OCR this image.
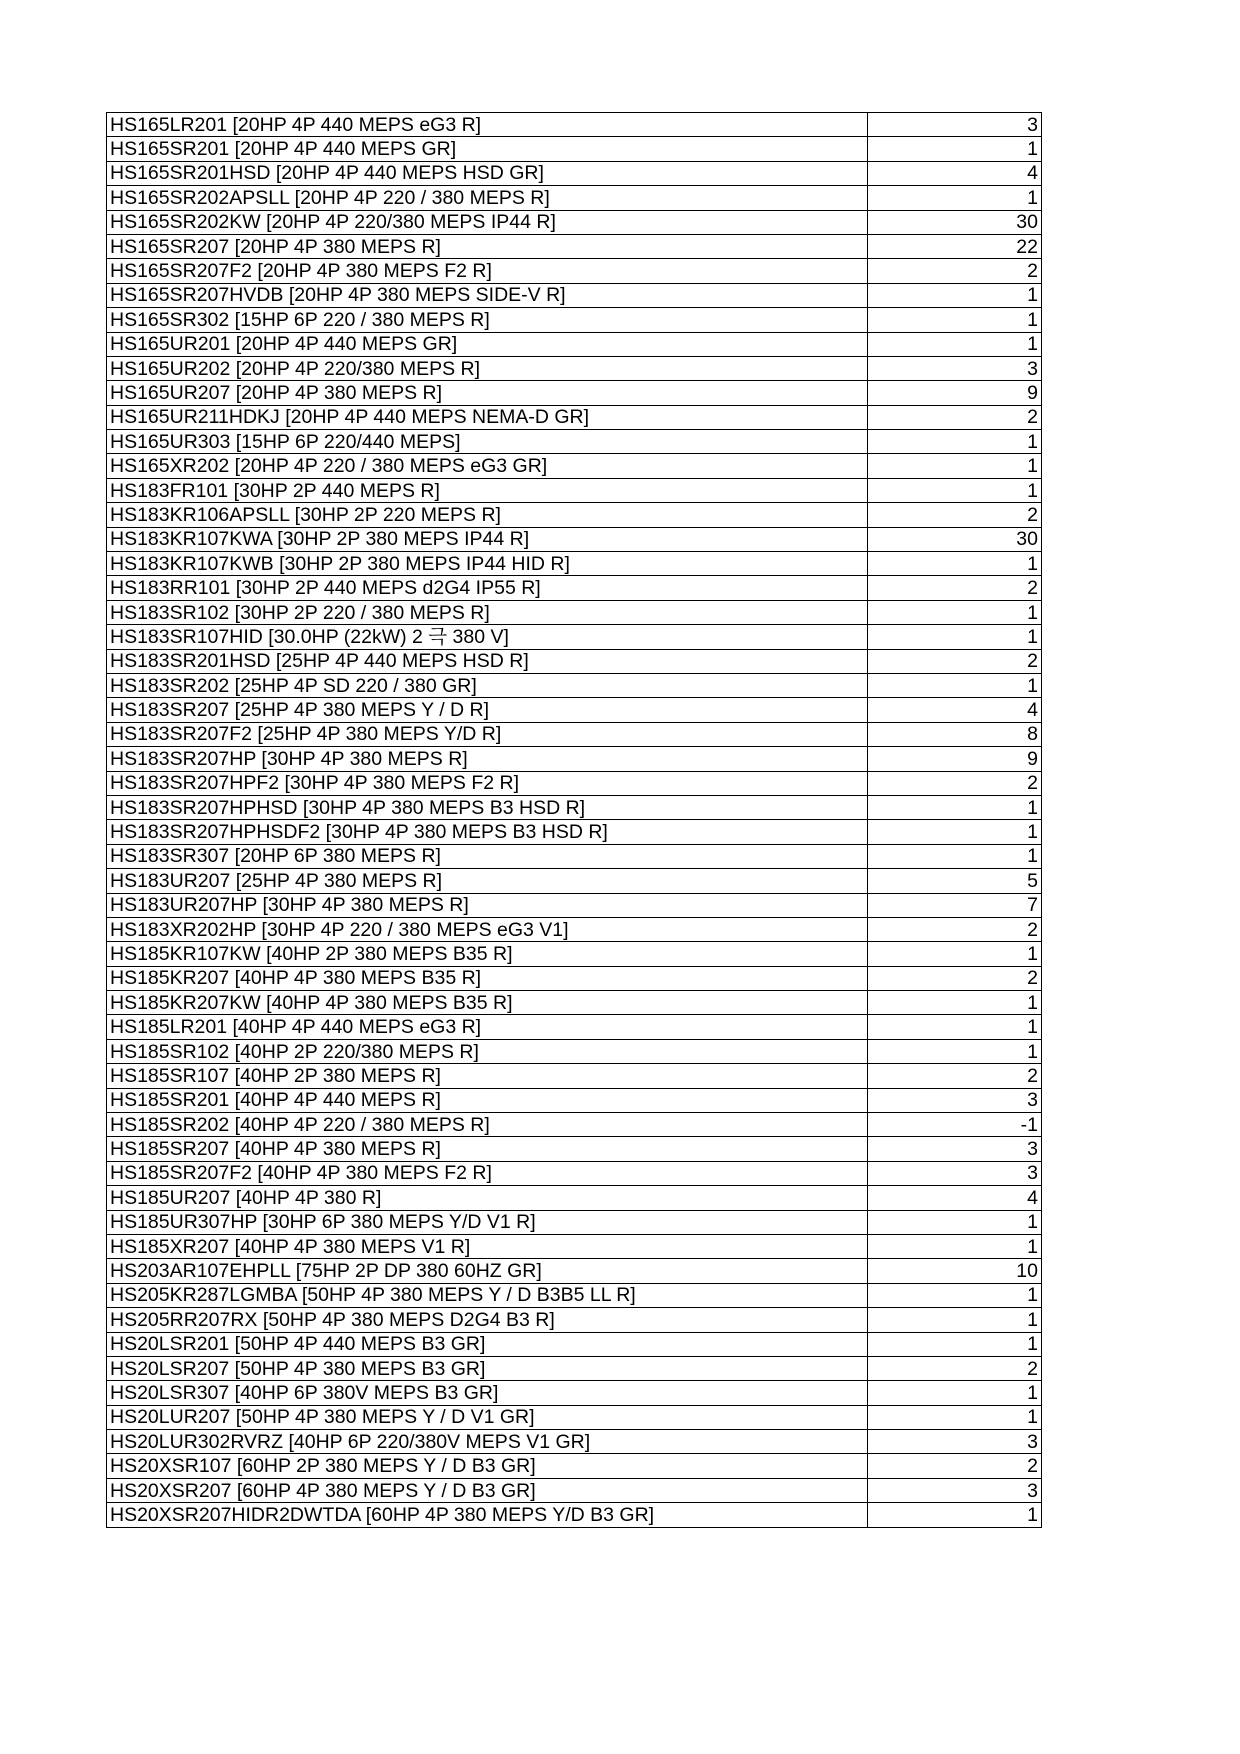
HS165LR201 [20HP 4P 440 MEPS eG3 R]	3
HS165SR201 [20HP 4P 440 MEPS GR]	1
HS165SR201HSD [20HP 4P 440 MEPS HSD GR]	4
HS165SR202APSLL [20HP 4P 220 / 380 MEPS R]	1
HS165SR202KW [20HP 4P 220/380 MEPS IP44 R]	30
HS165SR207 [20HP 4P 380 MEPS R]	22
HS165SR207F2 [20HP 4P 380 MEPS F2 R]	2
HS165SR207HVDB [20HP 4P 380 MEPS SIDE-V R]	1
HS165SR302 [15HP 6P 220 / 380 MEPS R]	1
HS165UR201 [20HP 4P 440 MEPS GR]	1
HS165UR202 [20HP 4P 220/380 MEPS R]	3
HS165UR207 [20HP 4P 380 MEPS R]	9
HS165UR211HDKJ [20HP 4P 440 MEPS NEMA-D GR]	2
HS165UR303 [15HP 6P 220/440 MEPS]	1
HS165XR202 [20HP 4P 220 / 380 MEPS eG3 GR]	1
HS183FR101 [30HP 2P 440 MEPS R]	1
HS183KR106APSLL [30HP 2P 220 MEPS R]	2
HS183KR107KWA [30HP 2P 380 MEPS IP44 R]	30
HS183KR107KWB [30HP 2P 380 MEPS IP44 HID R]	1
HS183RR101 [30HP 2P 440 MEPS d2G4 IP55 R]	2
HS183SR102 [30HP 2P 220 / 380 MEPS R]	1
HS183SR107HID [30.0HP (22kW) 2 극 380 V]	1
HS183SR201HSD [25HP 4P 440 MEPS HSD R]	2
HS183SR202 [25HP 4P SD 220 / 380 GR]	1
HS183SR207 [25HP 4P 380 MEPS Y / D R]	4
HS183SR207F2 [25HP 4P 380 MEPS Y/D R]	8
HS183SR207HP [30HP 4P 380 MEPS R]	9
HS183SR207HPF2 [30HP 4P 380 MEPS F2 R]	2
HS183SR207HPHSD [30HP 4P 380 MEPS B3 HSD R]	1
HS183SR207HPHSDF2 [30HP 4P 380 MEPS B3 HSD R]	1
HS183SR307 [20HP 6P 380 MEPS R]	1
HS183UR207 [25HP 4P 380 MEPS R]	5
HS183UR207HP [30HP 4P 380 MEPS R]	7
HS183XR202HP [30HP 4P 220 / 380 MEPS eG3 V1]	2
HS185KR107KW [40HP 2P 380 MEPS B35 R]	1
HS185KR207 [40HP 4P 380 MEPS B35 R]	2
HS185KR207KW [40HP 4P 380 MEPS B35 R]	1
HS185LR201 [40HP 4P 440 MEPS eG3 R]	1
HS185SR102 [40HP 2P 220/380 MEPS R]	1
HS185SR107 [40HP 2P 380 MEPS R]	2
HS185SR201 [40HP 4P 440 MEPS R]	3
HS185SR202 [40HP 4P 220 / 380 MEPS R]	-1
HS185SR207 [40HP 4P 380 MEPS R]	3
HS185SR207F2 [40HP 4P 380 MEPS F2 R]	3
HS185UR207 [40HP 4P 380 R]	4
HS185UR307HP [30HP 6P 380 MEPS Y/D V1 R]	1
HS185XR207 [40HP 4P 380 MEPS V1 R]	1
HS203AR107EHPLL [75HP 2P DP 380 60HZ GR]	10
HS205KR287LGMBA [50HP 4P 380 MEPS Y / D B3B5 LL R]	1
HS205RR207RX [50HP 4P 380 MEPS D2G4 B3 R]	1
HS20LSR201 [50HP 4P 440 MEPS B3 GR]	1
HS20LSR207 [50HP 4P 380 MEPS B3 GR]	2
HS20LSR307 [40HP 6P 380V MEPS B3 GR]	1
HS20LUR207 [50HP 4P 380 MEPS Y / D V1 GR]	1
HS20LUR302RVRZ [40HP 6P 220/380V MEPS V1 GR]	3
HS20XSR107 [60HP 2P 380 MEPS Y / D B3 GR]	2
HS20XSR207 [60HP 4P 380 MEPS Y / D B3 GR]	3
HS20XSR207HIDR2DWTDA [60HP 4P 380 MEPS Y/D B3 GR]	1
